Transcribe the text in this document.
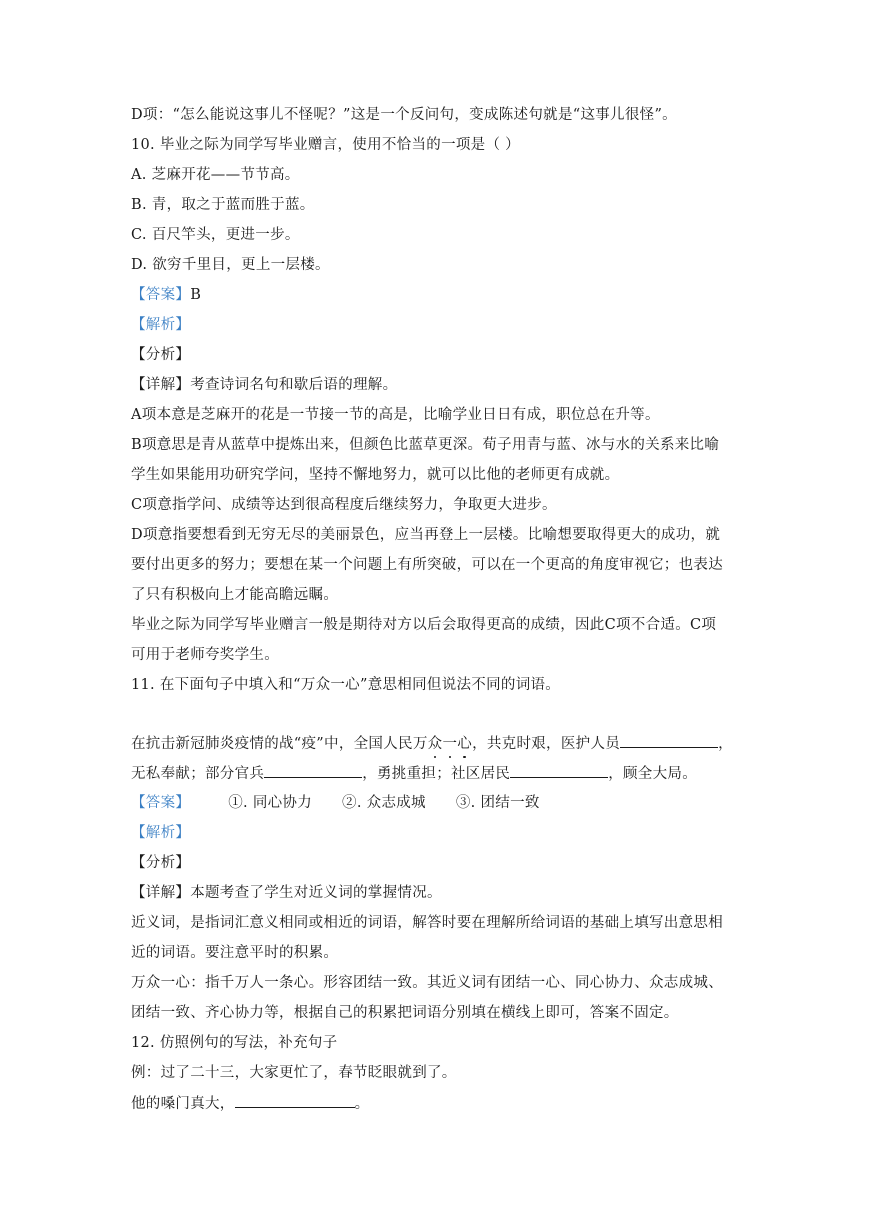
D项：“怎么能说这事儿不怪呢？”这是一个反问句，变成陈述句就是“这事儿很怪”。
10. 毕业之际为同学写毕业赠言，使用不恰当的一项是（ ）
A. 芝麻开花——节节高。
B. 青，取之于蓝而胜于蓝。
C. 百尺竿头，更进一步。
D. 欲穷千里目，更上一层楼。
【答案】B
【解析】
【分析】
【详解】考查诗词名句和歇后语的理解。
A项本意是芝麻开的花是一节接一节的高是，比喻学业日日有成，职位总在升等。
B项意思是青从蓝草中提炼出来，但颜色比蓝草更深。荀子用青与蓝、冰与水的关系来比喻
学生如果能用功研究学问，坚持不懈地努力，就可以比他的老师更有成就。
C项意指学问、成绩等达到很高程度后继续努力，争取更大进步。
D项意指要想看到无穷无尽的美丽景色，应当再登上一层楼。比喻想要取得更大的成功，就
要付出更多的努力；要想在某一个问题上有所突破，可以在一个更高的角度审视它；也表达
了只有积极向上才能高瞻远瞩。
毕业之际为同学写毕业赠言一般是期待对方以后会取得更高的成绩，因此C项不合适。C项
可用于老师夸奖学生。
11. 在下面句子中填入和“万众一心”意思相同但说法不同的词语。
在抗击新冠肺炎疫情的战“疫”中，全国人民万众一心，共克时艰，医护人员	，
无私奉献；部分官兵	，勇挑重担；社区居民	，顾全大局。
【答案】	①. 同心协力 ②. 众志成城 ③. 团结一致
【解析】
【分析】
【详解】本题考查了学生对近义词的掌握情况。
近义词，是指词汇意义相同或相近的词语，解答时要在理解所给词语的基础上填写出意思相
近的词语。要注意平时的积累。
万众一心：指千万人一条心。形容团结一致。其近义词有团结一心、同心协力、众志成城、
团结一致、齐心协力等，根据自己的积累把词语分别填在横线上即可，答案不固定。
12. 仿照例句的写法，补充句子
例：过了二十三，大家更忙了，春节眨眼就到了。
他的嗓门真大，	。
